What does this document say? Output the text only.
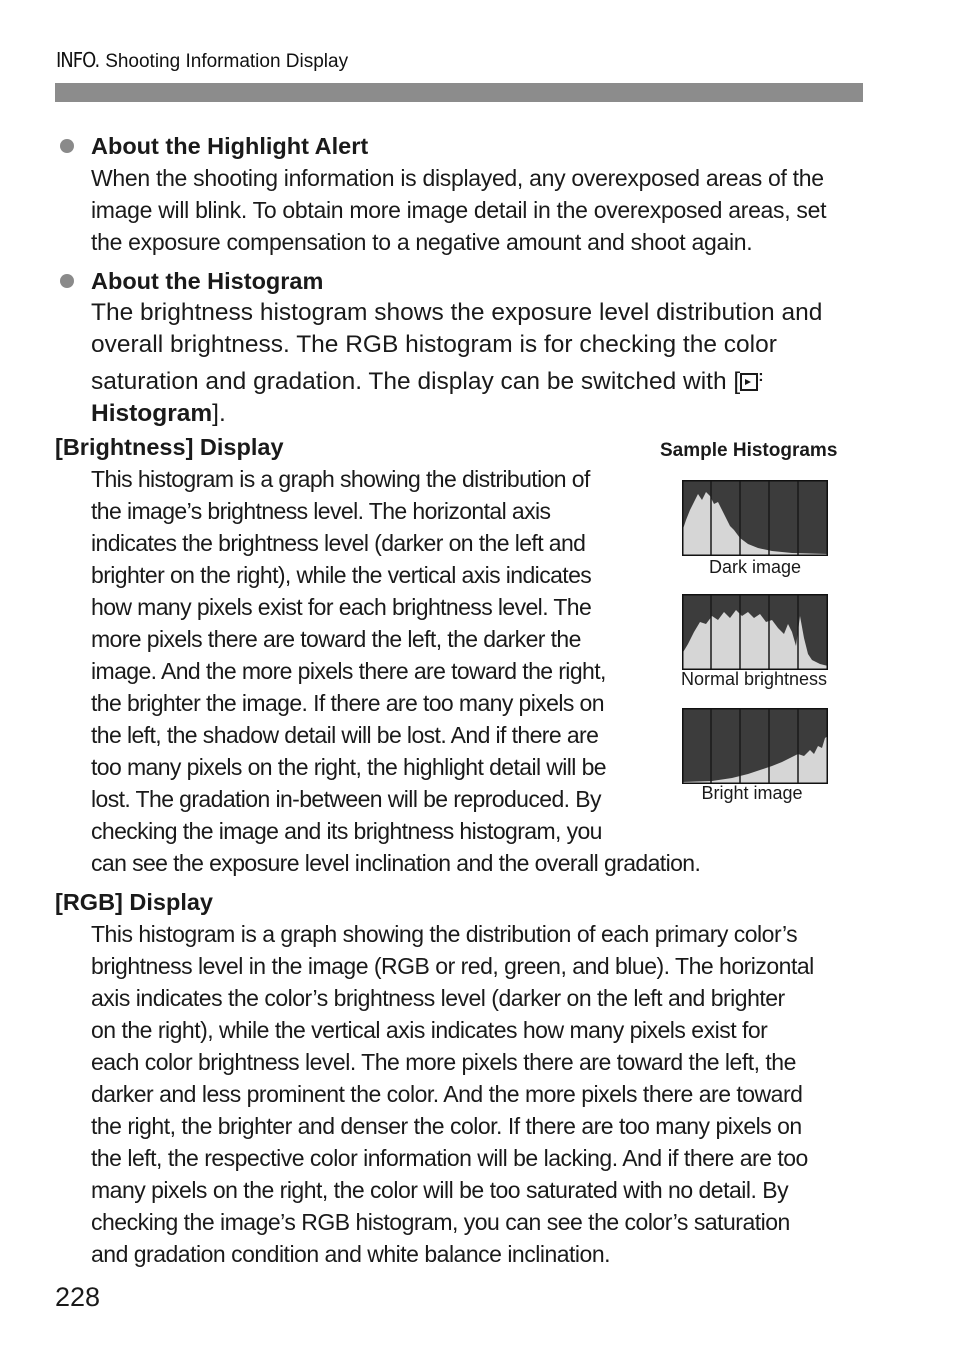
INFO. Shooting Information Display
About the Highlight Alert
When the shooting information is displayed, any overexposed areas of the
image will blink. To obtain more image detail in the overexposed areas, set
the exposure compensation to a negative amount and shoot again.
About the Histogram
The brightness histogram shows the exposure level distribution and
overall brightness. The RGB histogram is for checking the color
saturation and gradation. The display can be switched with [ :
Histogram].
[Brightness] Display
This histogram is a graph showing the distribution of
the image’s brightness level. The horizontal axis
indicates the brightness level (darker on the left and
brighter on the right), while the vertical axis indicates
how many pixels exist for each brightness level. The
more pixels there are toward the left, the darker the
image. And the more pixels there are toward the right,
the brighter the image. If there are too many pixels on
the left, the shadow detail will be lost. And if there are
too many pixels on the right, the highlight detail will be
lost. The gradation in-between will be reproduced. By
checking the image and its brightness histogram, you
can see the exposure level inclination and the overall gradation.
Sample Histograms
Dark image
Normal brightness
Bright image
[RGB] Display
This histogram is a graph showing the distribution of each primary color’s
brightness level in the image (RGB or red, green, and blue). The horizontal
axis indicates the color’s brightness level (darker on the left and brighter
on the right), while the vertical axis indicates how many pixels exist for
each color brightness level. The more pixels there are toward the left, the
darker and less prominent the color. And the more pixels there are toward
the right, the brighter and denser the color. If there are too many pixels on
the left, the respective color information will be lacking. And if there are too
many pixels on the right, the color will be too saturated with no detail. By
checking the image’s RGB histogram, you can see the color’s saturation
and gradation condition and white balance inclination.
228
